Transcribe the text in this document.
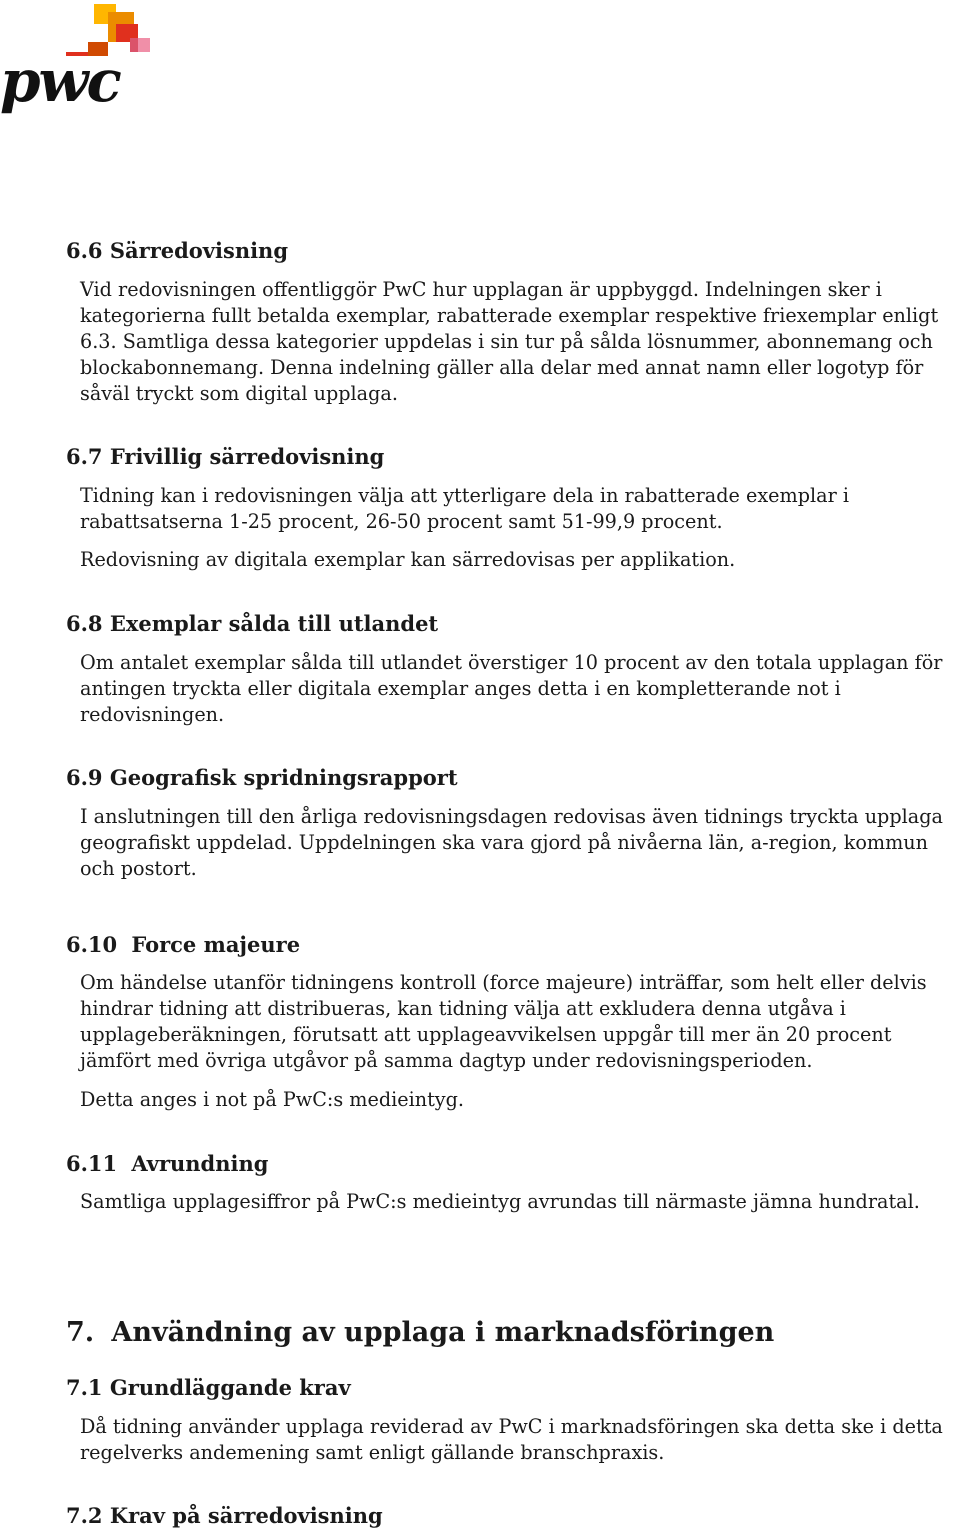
pwc
6.6 Särredovisning

Vid redovisningen offentliggör PwC hur upplagan är uppbyggd. Indelningen sker i kategorierna fullt betalda exemplar, rabatterade exemplar respektive friexemplar enligt 6.3. Samtliga dessa kategorier uppdelas i sin tur på sålda lösnummer, abonnemang och blockabonnemang. Denna indelning gäller alla delar med annat namn eller logotyp för såväl tryckt som digital upplaga.

6.7 Frivillig särredovisning

Tidning kan i redovisningen välja att ytterligare dela in rabatterade exemplar i rabattsatserna 1-25 procent, 26-50 procent samt 51-99,9 procent.

Redovisning av digitala exemplar kan särredovisas per applikation.

6.8 Exemplar sålda till utlandet

Om antalet exemplar sålda till utlandet överstiger 10 procent av den totala upplagan för antingen tryckta eller digitala exemplar anges detta i en kompletterande not i redovisningen.

6.9 Geografisk spridningsrapport

I anslutningen till den årliga redovisningsdagen redovisas även tidnings tryckta upplaga geografiskt uppdelad. Uppdelningen ska vara gjord på nivåerna län, a-region, kommun och postort.

6.10 Force majeure

Om händelse utanför tidningens kontroll (force majeure) inträffar, som helt eller delvis hindrar tidning att distribueras, kan tidning välja att exkludera denna utgåva i upplageberäkningen, förutsatt att upplageavvikelsen uppgår till mer än 20 procent jämfört med övriga utgåvor på samma dagtyp under redovisningsperioden.

Detta anges i not på PwC:s medieintyg.

6.11 Avrundning

Samtliga upplagesiffror på PwC:s medieintyg avrundas till närmaste jämna hundratal.

7. Användning av upplaga i marknadsföringen
7.1 Grundläggande krav

Då tidning använder upplaga reviderad av PwC i marknadsföringen ska detta ske i detta regelverks andemening samt enligt gällande branschpraxis.

7.2 Krav på särredovisning
